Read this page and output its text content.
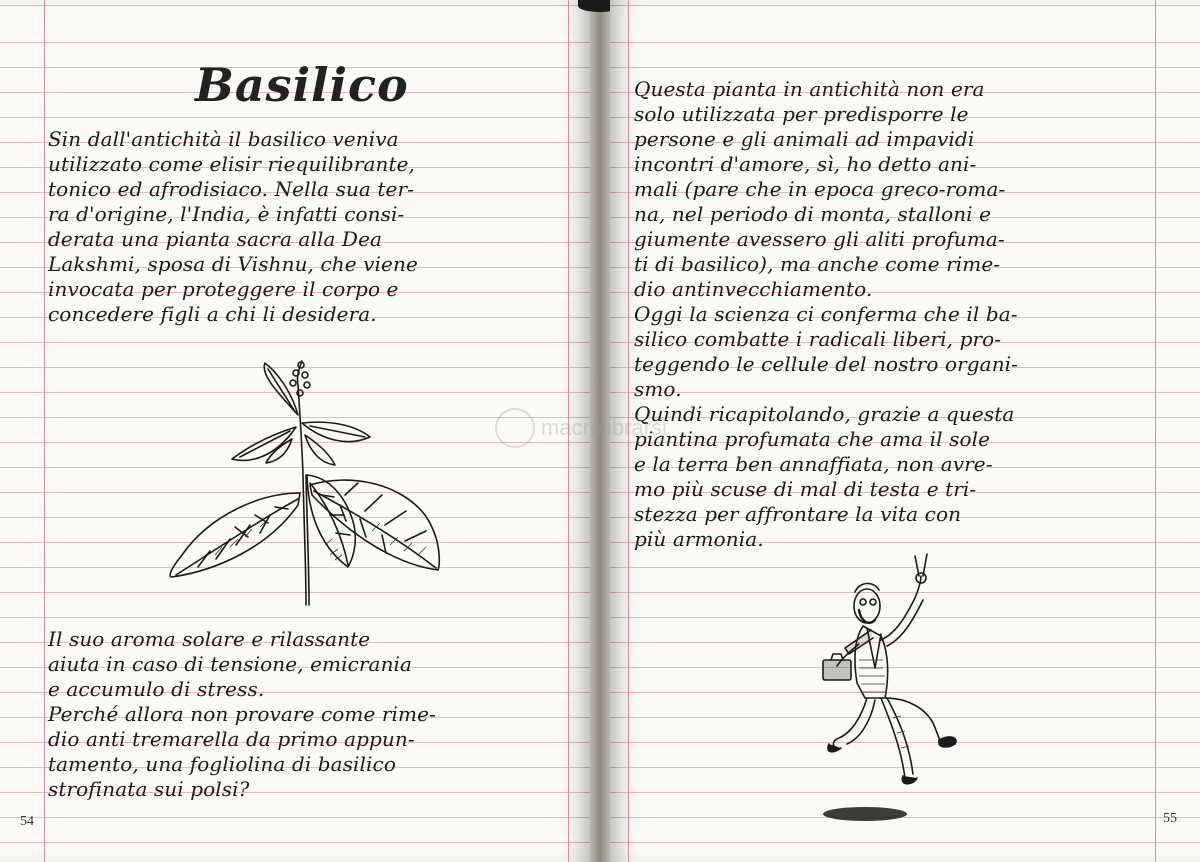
Basilico
Sin dall'antichità il basilico veniva
utilizzato come elisir riequilibrante,
tonico ed afrodisiaco. Nella sua ter-
ra d'origine, l'India, è infatti consi-
derata una pianta sacra alla Dea
Lakshmi, sposa di Vishnu, che viene
invocata per proteggere il corpo e
concedere figli a chi li desidera.
Il suo aroma solare e rilassante
aiuta in caso di tensione, emicrania
e accumulo di stress.
Perché allora non provare come rime-
dio anti tremarella da primo appun-
tamento, una fogliolina di basilico
strofinata sui polsi?
54
Questa pianta in antichità non era
solo utilizzata per predisporre le
persone e gli animali ad impavidi
incontri d'amore, sì, ho detto ani-
mali (pare che in epoca greco-roma-
na, nel periodo di monta, stalloni e
giumente avessero gli aliti profuma-
ti di basilico), ma anche come rime-
dio antinvecchiamento.
Oggi la scienza ci conferma che il ba-
silico combatte i radicali liberi, pro-
teggendo le cellule del nostro organi-
smo.
Quindi ricapitolando, grazie a questa
piantina profumata che ama il sole
e la terra ben annaffiata, non avre-
mo più scuse di mal di testa e tri-
stezza per affrontare la vita con
più armonia.
55
macrolibrarsi
